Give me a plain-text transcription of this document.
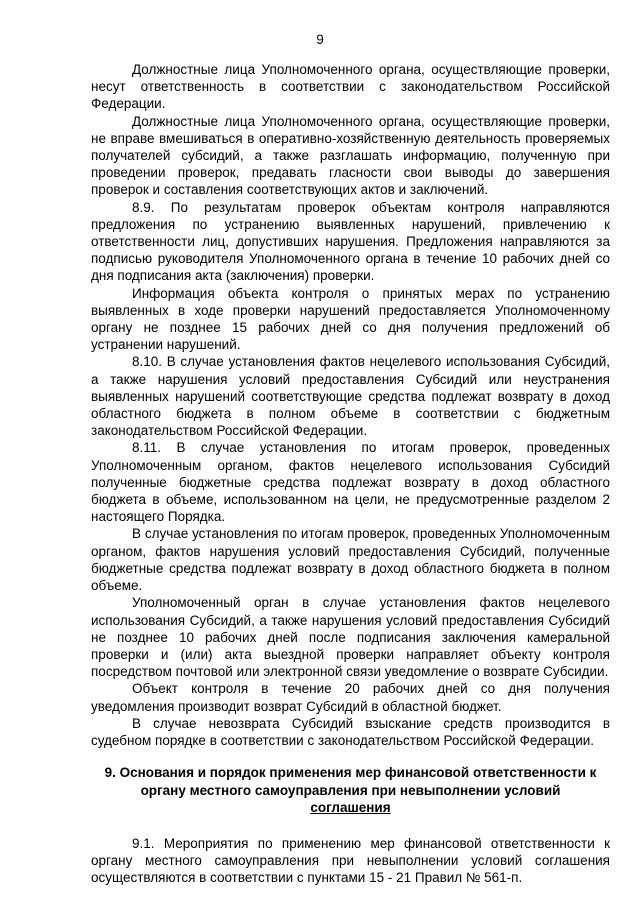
9

Должностные лица Уполномоченного органа, осуществляющие проверки, несут ответственность в соответствии с законодательством Российской Федерации.

Должностные лица Уполномоченного органа, осуществляющие проверки, не вправе вмешиваться в оперативно-хозяйственную деятельность проверяемых получателей субсидий, а также разглашать информацию, полученную при проведении проверок, предавать гласности свои выводы до завершения проверок и составления соответствующих актов и заключений.

8.9. По результатам проверок объектам контроля направляются предложения по устранению выявленных нарушений, привлечению к ответственности лиц, допустивших нарушения. Предложения направляются за подписью руководителя Уполномоченного органа в течение 10 рабочих дней со дня подписания акта (заключения) проверки.

Информация объекта контроля о принятых мерах по устранению выявленных в ходе проверки нарушений предоставляется Уполномоченному органу не позднее 15 рабочих дней со дня получения предложений об устранении нарушений.

8.10. В случае установления фактов нецелевого использования Субсидий, а также нарушения условий предоставления Субсидий или неустранения выявленных нарушений соответствующие средства подлежат возврату в доход областного бюджета в полном объеме в соответствии с бюджетным законодательством Российской Федерации.

8.11. В случае установления по итогам проверок, проведенных Уполномоченным органом, фактов нецелевого использования Субсидий полученные бюджетные средства подлежат возврату в доход областного бюджета в объеме, использованном на цели, не предусмотренные разделом 2 настоящего Порядка.

В случае установления по итогам проверок, проведенных Уполномоченным органом, фактов нарушения условий предоставления Субсидий, полученные бюджетные средства подлежат возврату в доход областного бюджета в полном объеме.

Уполномоченный орган в случае установления фактов нецелевого использования Субсидий, а также нарушения условий предоставления Субсидий не позднее 10 рабочих дней после подписания заключения камеральной проверки и (или) акта выездной проверки направляет объекту контроля посредством почтовой или электронной связи уведомление о возврате Субсидии.

Объект контроля в течение 20 рабочих дней со дня получения уведомления производит возврат Субсидий в областной бюджет.

В случае невозврата Субсидий взыскание средств производится в судебном порядке в соответствии с законодательством Российской Федерации.

9. Основания и порядок применения мер финансовой ответственности к органу местного самоуправления при невыполнении условий
соглашения

9.1. Мероприятия по применению мер финансовой ответственности к органу местного самоуправления при невыполнении условий соглашения осуществляются в соответствии с пунктами 15 - 21 Правил № 561-п.
